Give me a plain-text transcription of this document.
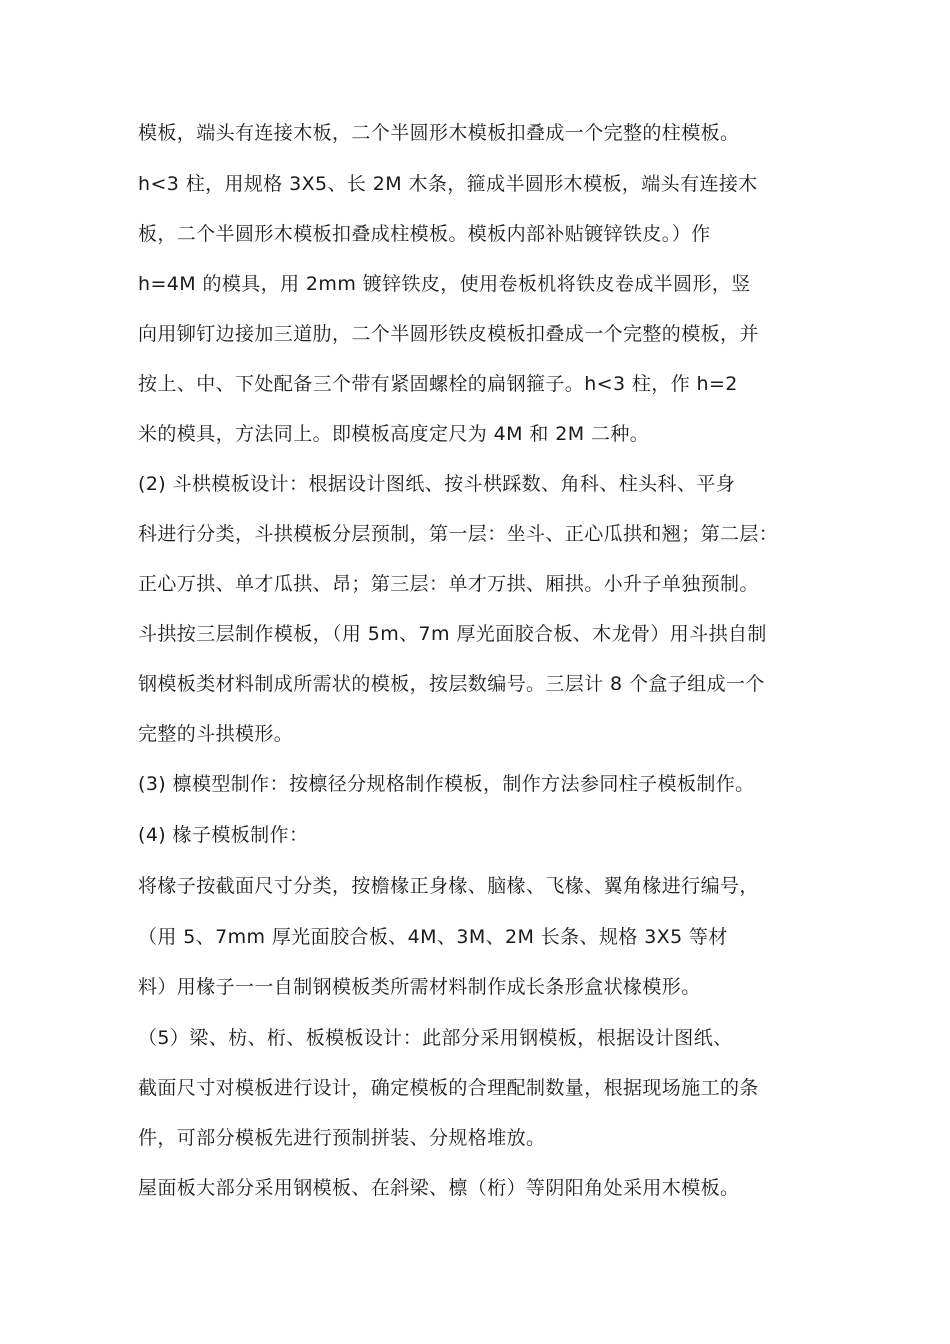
模板，端头有连接木板，二个半圆形木模板扣叠成一个完整的柱模板。

h<3 柱，用规格 3X5、长 2M 木条，箍成半圆形木模板，端头有连接木

板，二个半圆形木模板扣叠成柱模板。模板内部补贴镀锌铁皮。）作

h=4M 的模具，用 2mm 镀锌铁皮，使用卷板机将铁皮卷成半圆形，竖

向用铆钉边接加三道肋，二个半圆形铁皮模板扣叠成一个完整的模板，并

按上、中、下处配备三个带有紧固螺栓的扁钢箍子。h<3 柱，作 h=2

米的模具，方法同上。即模板高度定尺为 4M 和 2M 二种。

(2) 斗栱模板设计：根据设计图纸、按斗栱踩数、角科、柱头科、平身

科进行分类，斗拱模板分层预制，第一层：坐斗、正心瓜拱和翘；第二层：

正心万拱、单才瓜拱、昂；第三层：单才万拱、厢拱。小升子单独预制。

斗拱按三层制作模板，（用 5m、7m 厚光面胶合板、木龙骨）用斗拱自制

钢模板类材料制成所需状的模板，按层数编号。三层计 8 个盒子组成一个

完整的斗拱模形。

(3) 檩模型制作：按檩径分规格制作模板，制作方法参同柱子模板制作。

(4) 椽子模板制作：

将椽子按截面尺寸分类，按檐椽正身椽、脑椽、飞椽、翼角椽进行编号，

（用 5、7mm 厚光面胶合板、4M、3M、2M 长条、规格 3X5 等材

料）用椽子一一自制钢模板类所需材料制作成长条形盒状椽模形。

（5）梁、枋、桁、板模板设计：此部分采用钢模板，根据设计图纸、

截面尺寸对模板进行设计，确定模板的合理配制数量，根据现场施工的条

件，可部分模板先进行预制拼装、分规格堆放。

屋面板大部分采用钢模板、在斜梁、檩（桁）等阴阳角处采用木模板。
